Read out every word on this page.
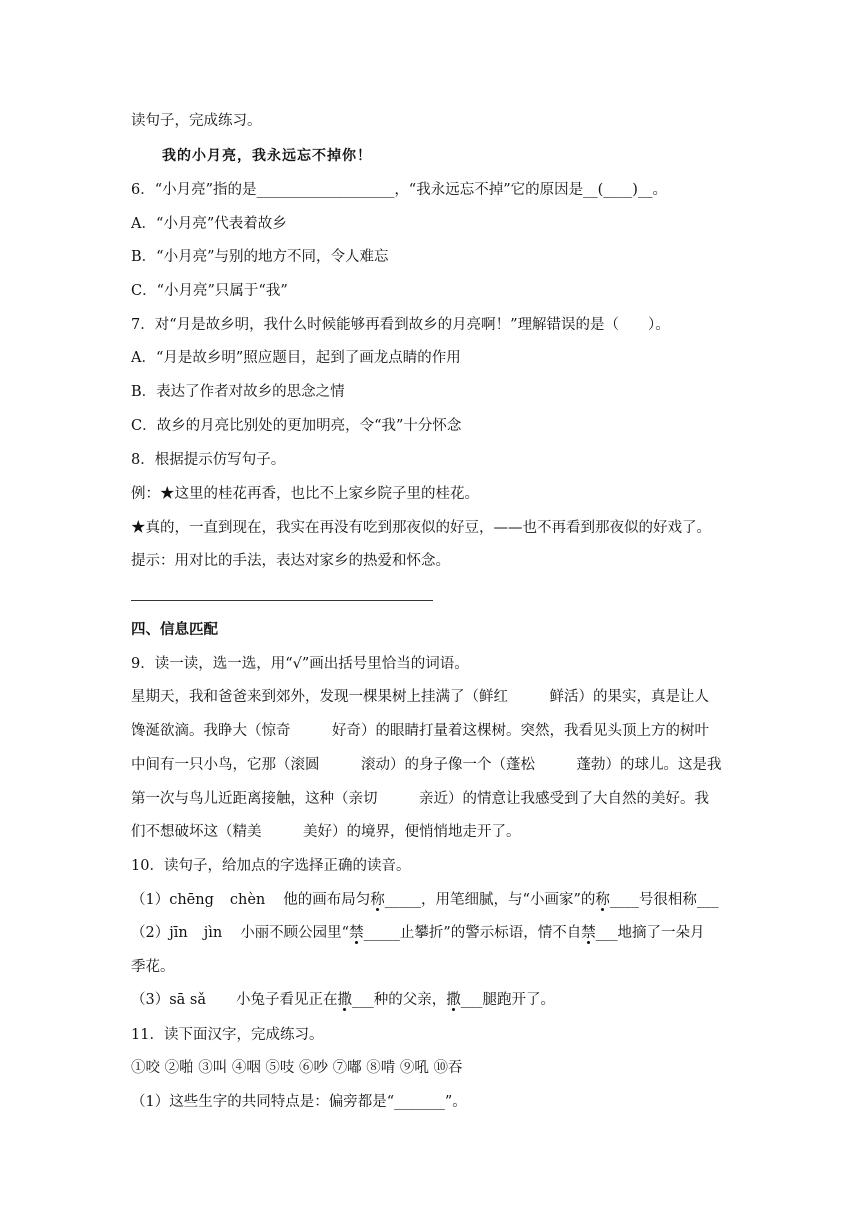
读句子，完成练习。
我的小月亮，我永远忘不掉你！
6．“小月亮”指的是___________________，“我永远忘不掉”它的原因是__(____)__。
A．“小月亮”代表着故乡
B．“小月亮”与别的地方不同，令人难忘
C．“小月亮”只属于“我”
7．对“月是故乡明，我什么时候能够再看到故乡的月亮啊！”理解错误的是（　　）。
A．“月是故乡明”照应题目，起到了画龙点睛的作用
B．表达了作者对故乡的思念之情
C．故乡的月亮比别处的更加明亮，令“我”十分怀念
8．根据提示仿写句子。
例：★这里的桂花再香，也比不上家乡院子里的桂花。
★真的，一直到现在，我实在再没有吃到那夜似的好豆，——也不再看到那夜似的好戏了。
提示：用对比的手法，表达对家乡的热爱和怀念。
四、信息匹配
9．读一读，选一选，用“√”画出括号里恰当的词语。
星期天，我和爸爸来到郊外，发现一棵果树上挂满了（鲜红         鲜活）的果实，真是让人
馋涎欲滴。我睁大（惊奇         好奇）的眼睛打量着这棵树。突然，我看见头顶上方的树叶
中间有一只小鸟，它那（滚圆         滚动）的身子像一个（蓬松         蓬勃）的球儿。这是我
第一次与鸟儿近距离接触，这种（亲切         亲近）的情意让我感受到了大自然的美好。我
们不想破坏这（精美         美好）的境界，便悄悄地走开了。
10．读句子，给加点的字选择正确的读音。
（1）chēng chèn 他的画布局匀称_____，用笔细腻，与“小画家”的称____号很相称___
（2）jīn jìn 小丽不顾公园里“禁_____止攀折”的警示标语，情不自禁___地摘了一朵月
季花。
（3）sā sǎ 小兔子看见正在撒___种的父亲，撒___腿跑开了。
11．读下面汉字，完成练习。
①咬 ②啪 ③叫 ④咽 ⑤吱 ⑥吵 ⑦嘟 ⑧啃 ⑨吼 ⑩吞
（1）这些生字的共同特点是：偏旁都是“_______”。
